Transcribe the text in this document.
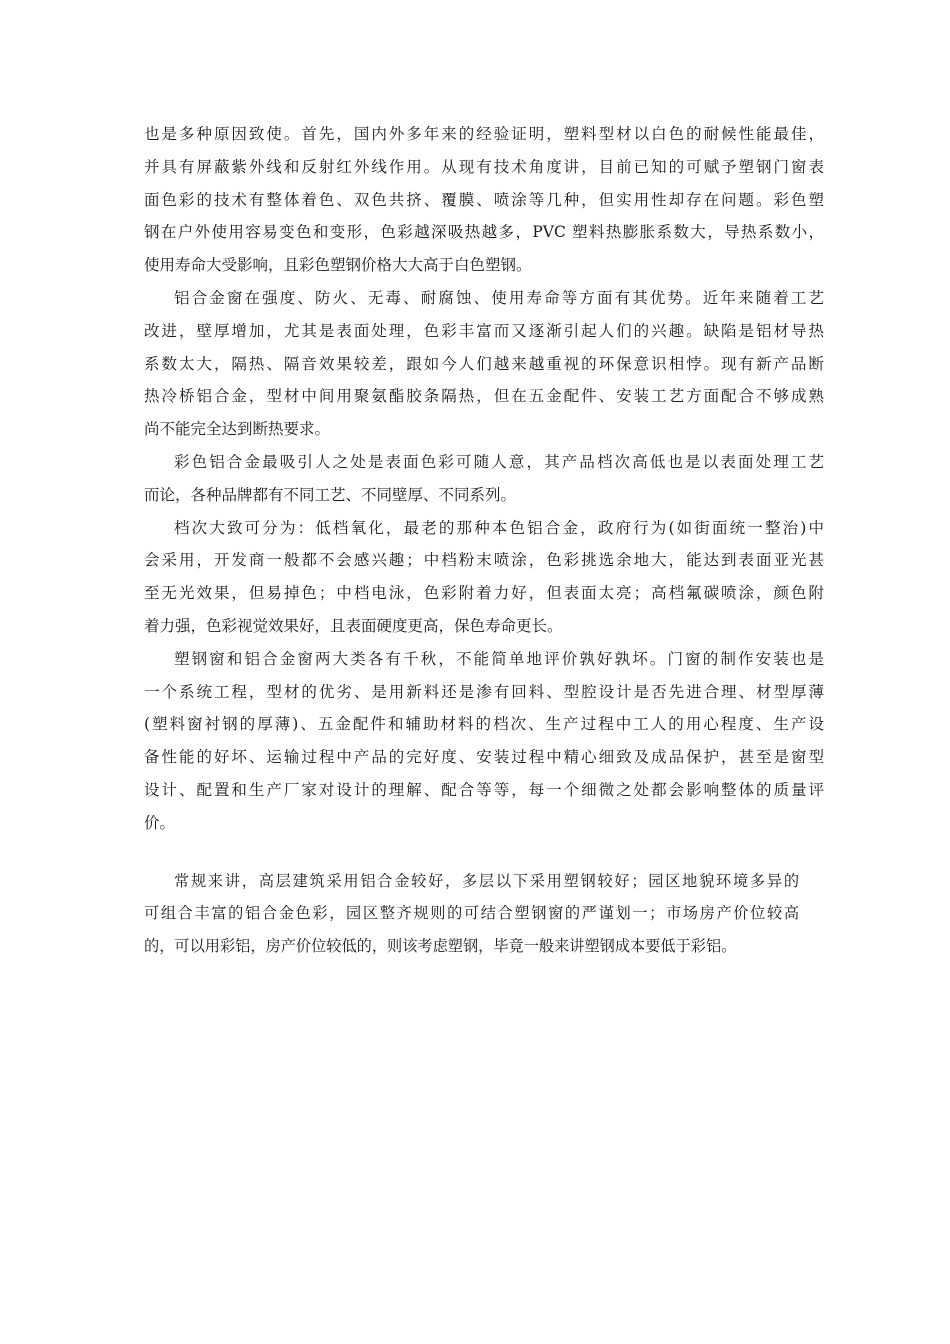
也是多种原因致使。首先，国内外多年来的经验证明，塑料型材以白色的耐候性能最佳，
并具有屏蔽紫外线和反射红外线作用。从现有技术角度讲，目前已知的可赋予塑钢门窗表
面色彩的技术有整体着色、双色共挤、覆膜、喷涂等几种，但实用性却存在问题。彩色塑
钢在户外使用容易变色和变形，色彩越深吸热越多，PVC 塑料热膨胀系数大，导热系数小，
使用寿命大受影响，且彩色塑钢价格大大高于白色塑钢。
铝合金窗在强度、防火、无毒、耐腐蚀、使用寿命等方面有其优势。近年来随着工艺
改进，壁厚增加，尤其是表面处理，色彩丰富而又逐渐引起人们的兴趣。缺陷是铝材导热
系数太大，隔热、隔音效果较差，跟如今人们越来越重视的环保意识相悖。现有新产品断
热冷桥铝合金，型材中间用聚氨酯胶条隔热，但在五金配件、安装工艺方面配合不够成熟
尚不能完全达到断热要求。
彩色铝合金最吸引人之处是表面色彩可随人意，其产品档次高低也是以表面处理工艺
而论，各种品牌都有不同工艺、不同壁厚、不同系列。
档次大致可分为：低档氧化，最老的那种本色铝合金，政府行为(如街面统一整治)中
会采用，开发商一般都不会感兴趣；中档粉末喷涂，色彩挑选余地大，能达到表面亚光甚
至无光效果，但易掉色；中档电泳，色彩附着力好，但表面太亮；高档氟碳喷涂，颜色附
着力强，色彩视觉效果好，且表面硬度更高，保色寿命更长。
塑钢窗和铝合金窗两大类各有千秋，不能简单地评价孰好孰坏。门窗的制作安装也是
一个系统工程，型材的优劣、是用新料还是渗有回料、型腔设计是否先进合理、材型厚薄
(塑料窗衬钢的厚薄)、五金配件和辅助材料的档次、生产过程中工人的用心程度、生产设
备性能的好坏、运输过程中产品的完好度、安装过程中精心细致及成品保护，甚至是窗型
设计、配置和生产厂家对设计的理解、配合等等，每一个细微之处都会影响整体的质量评
价。
常规来讲，高层建筑采用铝合金较好，多层以下采用塑钢较好；园区地貌环境多异的
可组合丰富的铝合金色彩，园区整齐规则的可结合塑钢窗的严谨划一；市场房产价位较高
的，可以用彩铝，房产价位较低的，则该考虑塑钢，毕竟一般来讲塑钢成本要低于彩铝。
